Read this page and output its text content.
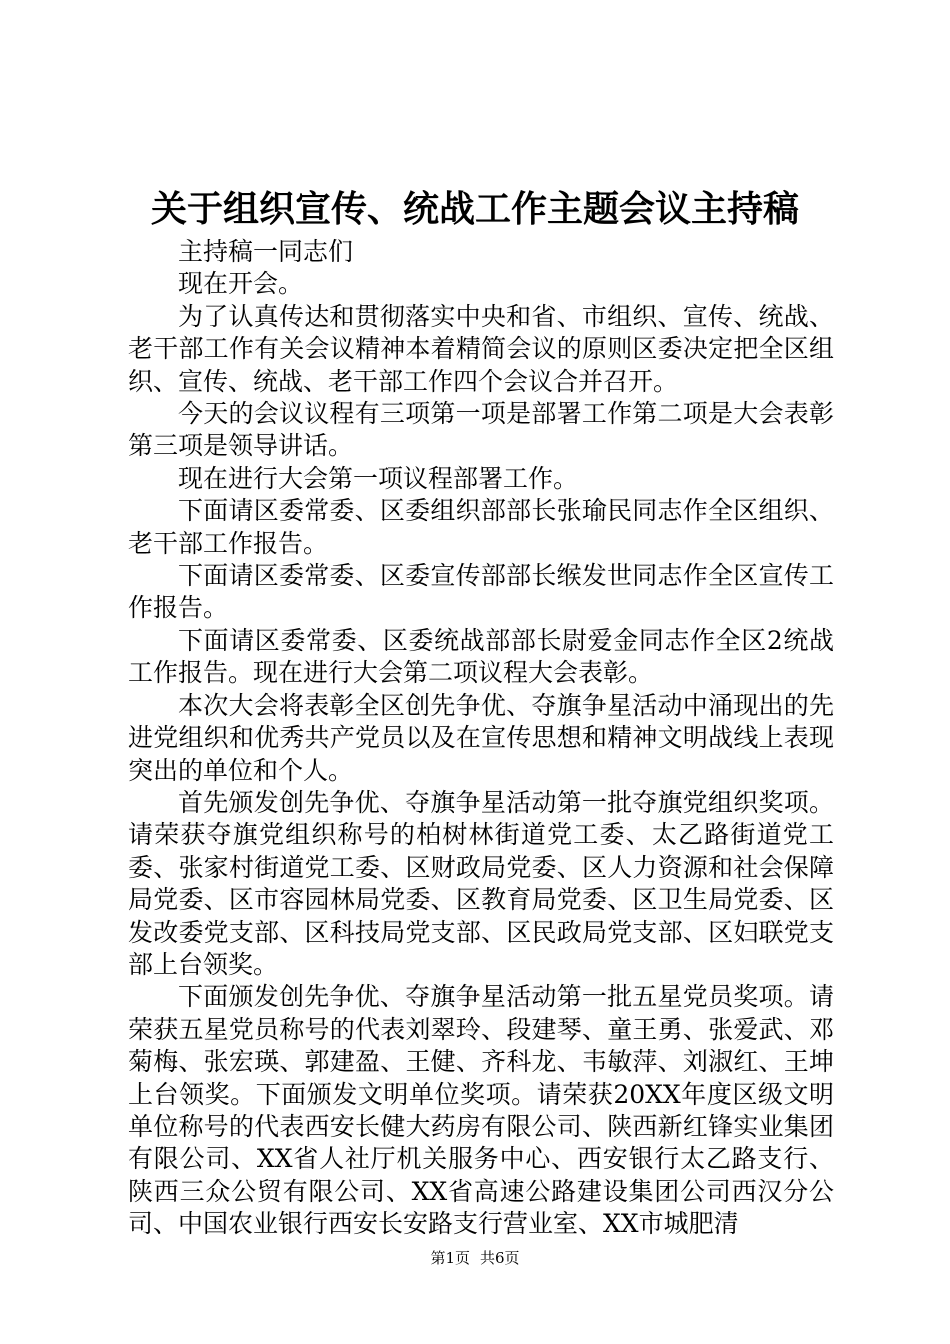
关于组织宣传、统战工作主题会议主持稿

主持稿一同志们

现在开会。

为了认真传达和贯彻落实中央和省、市组织、宣传、统战、老干部工作有关会议精神本着精简会议的原则区委决定把全区组织、宣传、统战、老干部工作四个会议合并召开。

今天的会议议程有三项第一项是部署工作第二项是大会表彰第三项是领导讲话。

现在进行大会第一项议程部署工作。

下面请区委常委、区委组织部部长张瑜民同志作全区组织、老干部工作报告。

下面请区委常委、区委宣传部部长缑发世同志作全区宣传工作报告。

下面请区委常委、区委统战部部长尉爱金同志作全区2统战工作报告。现在进行大会第二项议程大会表彰。

本次大会将表彰全区创先争优、夺旗争星活动中涌现出的先进党组织和优秀共产党员以及在宣传思想和精神文明战线上表现突出的单位和个人。

首先颁发创先争优、夺旗争星活动第一批夺旗党组织奖项。请荣获夺旗党组织称号的柏树林街道党工委、太乙路街道党工委、张家村街道党工委、区财政局党委、区人力资源和社会保障局党委、区市容园林局党委、区教育局党委、区卫生局党委、区发改委党支部、区科技局党支部、区民政局党支部、区妇联党支部上台领奖。

下面颁发创先争优、夺旗争星活动第一批五星党员奖项。请荣获五星党员称号的代表刘翠玲、段建琴、童王勇、张爱武、邓菊梅、张宏瑛、郭建盈、王健、齐科龙、韦敏萍、刘淑红、王坤上台领奖。下面颁发文明单位奖项。请荣获20XX年度区级文明单位称号的代表西安长健大药房有限公司、陕西新红锋实业集团有限公司、XX省人社厅机关服务中心、西安银行太乙路支行、陕西三众公贸有限公司、XX省高速公路建设集团公司西汉分公司、中国农业银行西安长安路支行营业室、XX市城肥清

第1页 共6页
